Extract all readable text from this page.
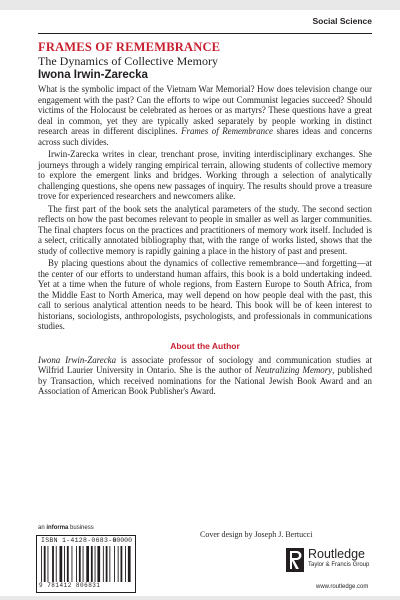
Social Science
FRAMES OF REMEMBRANCE
The Dynamics of Collective Memory
Iwona Irwin-Zarecka

What is the symbolic impact of the Vietnam War Memorial? How does television change our engagement with the past? Can the efforts to wipe out Communist legacies succeed? Should victims of the Holocaust be celebrated as heroes or as martyrs? These questions have a great deal in common, yet they are typically asked separately by people working in distinct research areas in different disciplines. Frames of Remembrance shares ideas and concerns across such divides.

Irwin-Zarecka writes in clear, trenchant prose, inviting interdisciplinary exchanges. She journeys through a widely ranging empirical terrain, allowing students of collective memory to explore the emergent links and bridges. Working through a selection of analytically challenging questions, she opens new passages of inquiry. The results should prove a treasure trove for experienced researchers and newcomers alike.

The first part of the book sets the analytical parameters of the study. The second section reflects on how the past becomes relevant to people in smaller as well as larger communities. The final chapters focus on the practices and practitioners of memory work itself. Included is a select, critically annotated bibliography that, with the range of works listed, shows that the study of collective memory is rapidly gaining a place in the history of past and present.

By placing questions about the dynamics of collective remembrance—and forgetting—at the center of our efforts to understand human affairs, this book is a bold undertaking indeed. Yet at a time when the future of whole regions, from Eastern Europe to South Africa, from the Middle East to North America, may well depend on how people deal with the past, this call to serious analytical attention needs to be heard. This book will be of keen interest to historians, sociologists, anthropologists, psychologists, and professionals in communications studies.

About the Author

Iwona Irwin-Zarecka is associate professor of sociology and communication studies at Wilfrid Laurier University in Ontario. She is the author of Neutralizing Memory, published by Transaction, which received nominations for the National Jewish Book Award and an Association of American Book Publisher's Award.

an informa business
ISBN 1-4128-0683-6
9 781412 806831
90000
Cover design by Joseph J. Bertucci
Routledge
Taylor & Francis Group
www.routledge.com
